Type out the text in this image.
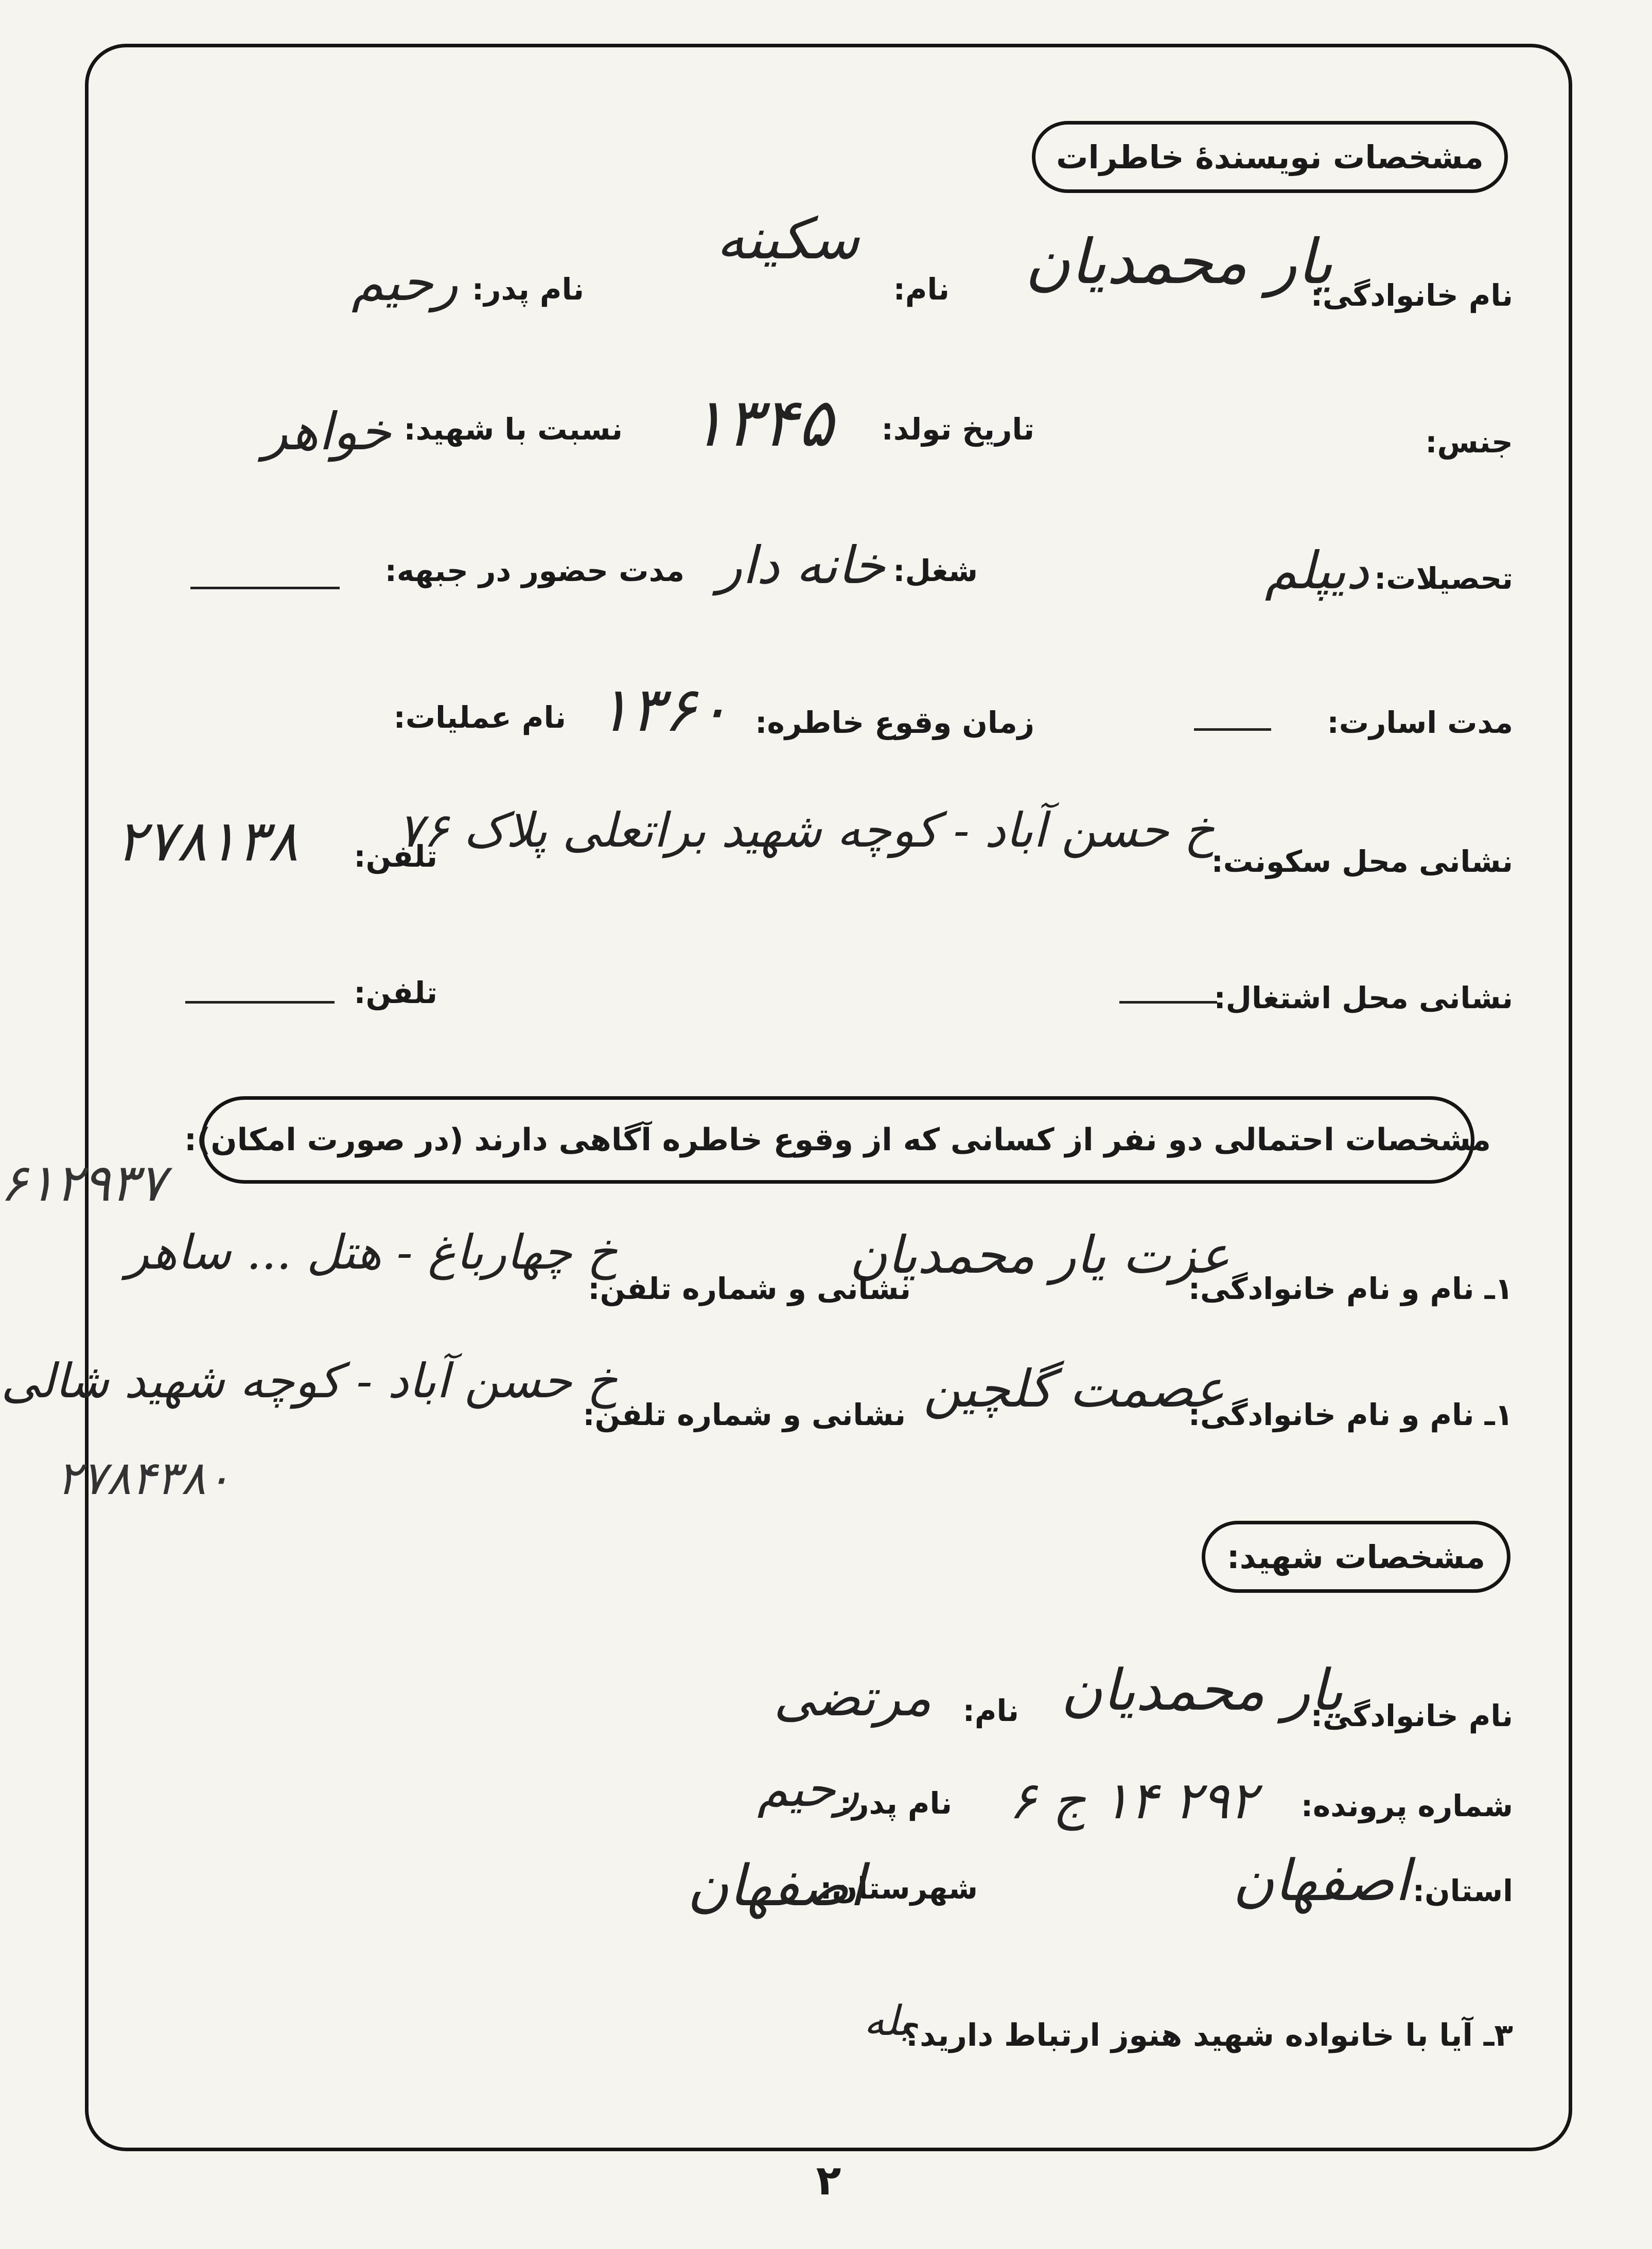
مشخصات نویسندهٔ خاطرات
نام خانوادگی:
یار محمدیان
نام:
سکینه
نام پدر:
رحیم
جنس:
تاریخ تولد:
۱۳۴۵
نسبت با شهید:
خواهر
تحصیلات:
دیپلم
شغل:
خانه دار
مدت حضور در جبهه:
مدت اسارت:
زمان وقوع خاطره:
۱۳۶۰
نام عملیات:
نشانی محل سکونت:
خ حسن آباد - کوچه شهید براتعلی پلاک ۷۶
تلفن:
۲۷۸۱۳۸
نشانی محل اشتغال:
تلفن:
مشخصات احتمالی دو نفر از کسانی که از وقوع خاطره آگاهی دارند (در صورت امکان):
۶۱۲۹۳۷
۲۷۸۴۳۸۰
۱ـ نام و نام خانوادگی:
عزت یار محمدیان
نشانی و شماره تلفن:
خ چهارباغ - هتل ... ساهر
۱ـ نام و نام خانوادگی:
عصمت گلچین
نشانی و شماره تلفن:
خ حسن آباد - کوچه شهید شالی
مشخصات شهید:
نام خانوادگی:
یار محمدیان
نام:
مرتضی
شماره پرونده:
۲۹۲ ۱۴ ج ۶
نام پدر:
رحیم
استان:
اصفهان
شهرستان:
اصفهان
۳ـ آیا با خانواده شهید هنوز ارتباط دارید؟
بله
۲
